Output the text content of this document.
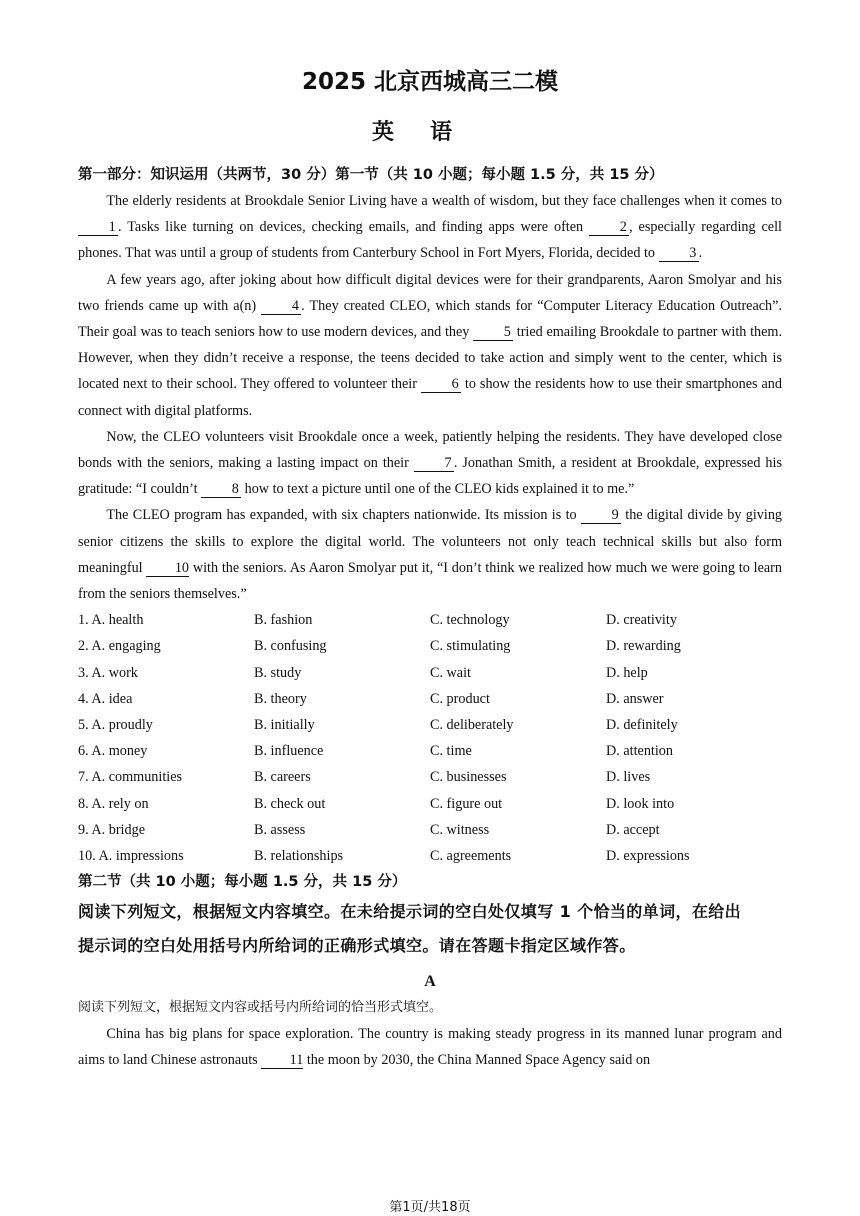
2025 北京西城高三二模
英语
第一部分：知识运用（共两节，30 分）第一节（共 10 小题；每小题 1.5 分，共 15 分）

The elderly residents at Brookdale Senior Living have a wealth of wisdom, but they face challenges when it comes to 1 . Tasks like turning on devices, checking emails, and finding apps were often 2 , especially regarding cell phones. That was until a group of students from Canterbury School in Fort Myers, Florida, decided to 3 .

A few years ago, after joking about how difficult digital devices were for their grandparents, Aaron Smolyar and his two friends came up with a(n) 4 . They created CLEO, which stands for “Computer Literacy Education Outreach”. Their goal was to teach seniors how to use modern devices, and they 5 tried emailing Brookdale to partner with them. However, when they didn’t receive a response, the teens decided to take action and simply went to the center, which is located next to their school. They offered to volunteer their 6 to show the residents how to use their smartphones and connect with digital platforms.

Now, the CLEO volunteers visit Brookdale once a week, patiently helping the residents. They have developed close bonds with the seniors, making a lasting impact on their 7 . Jonathan Smith, a resident at Brookdale, expressed his gratitude: “I couldn’t 8 how to text a picture until one of the CLEO kids explained it to me.”

The CLEO program has expanded, with six chapters nationwide. Its mission is to 9 the digital divide by giving senior citizens the skills to explore the digital world. The volunteers not only teach technical skills but also form meaningful 10 with the seniors. As Aaron Smolyar put it, “I don’t think we realized how much we were going to learn from the seniors themselves.”

1. A. health	B. fashion	C. technology	D. creativity
2. A. engaging	B. confusing	C. stimulating	D. rewarding
3. A. work	B. study	C. wait	D. help
4. A. idea	B. theory	C. product	D. answer
5. A. proudly	B. initially	C. deliberately	D. definitely
6. A. money	B. influence	C. time	D. attention
7. A. communities	B. careers	C. businesses	D. lives
8. A. rely on	B. check out	C. figure out	D. look into
9. A. bridge	B. assess	C. witness	D. accept
10. A. impressions	B. relationships	C. agreements	D. expressions
第二节（共 10 小题；每小题 1.5 分，共 15 分）

阅读下列短文，根据短文内容填空。在未给提示词的空白处仅填写 1 个恰当的单词，在给出

提示词的空白处用括号内所给词的正确形式填空。请在答题卡指定区域作答。

A

阅读下列短文，根据短文内容或括号内所给词的恰当形式填空。

China has big plans for space exploration. The country is making steady progress in its manned lunar program and aims to land Chinese astronauts 11 the moon by 2030, the China Manned Space Agency said on

第1页/共18页
